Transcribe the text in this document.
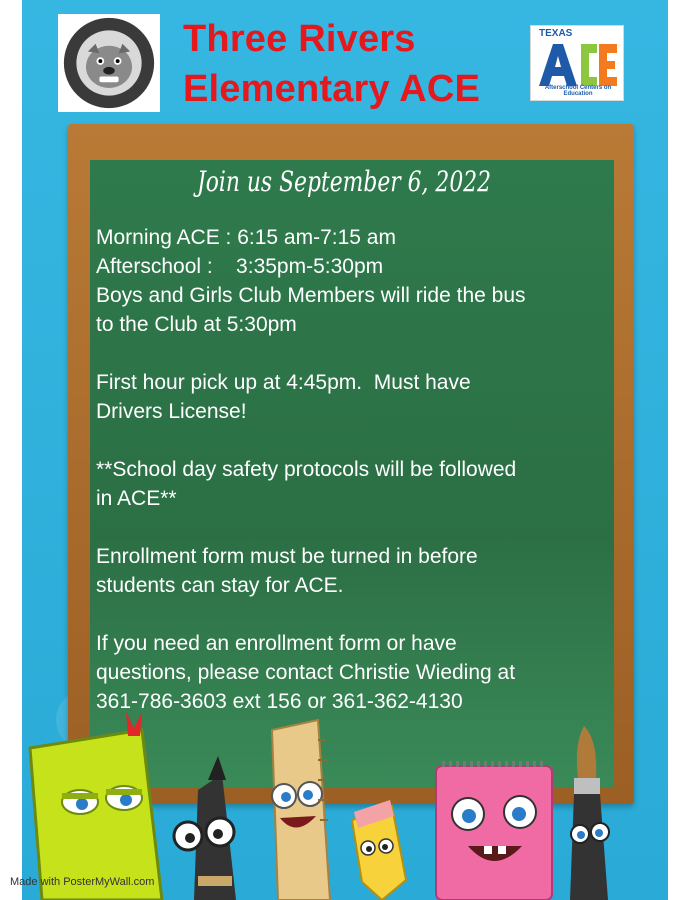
Three Rivers
Elementary ACE
TEXAS
Afterschool Centers on Education
Join us September 6, 2022

Morning ACE : 6:15 am-7:15 am

Afterschool :    3:35pm-5:30pm

Boys and Girls Club Members will ride the bus

to the Club at 5:30pm

First hour pick up at 4:45pm.  Must have

Drivers License!

**School day safety protocols will be followed

in ACE**

Enrollment form must be turned in before

students can stay for ACE.

If you need an enrollment form or have

questions, please contact Christie Wieding at

361-786-3603 ext 156 or 361-362-4130

Made with PosterMyWall.com
